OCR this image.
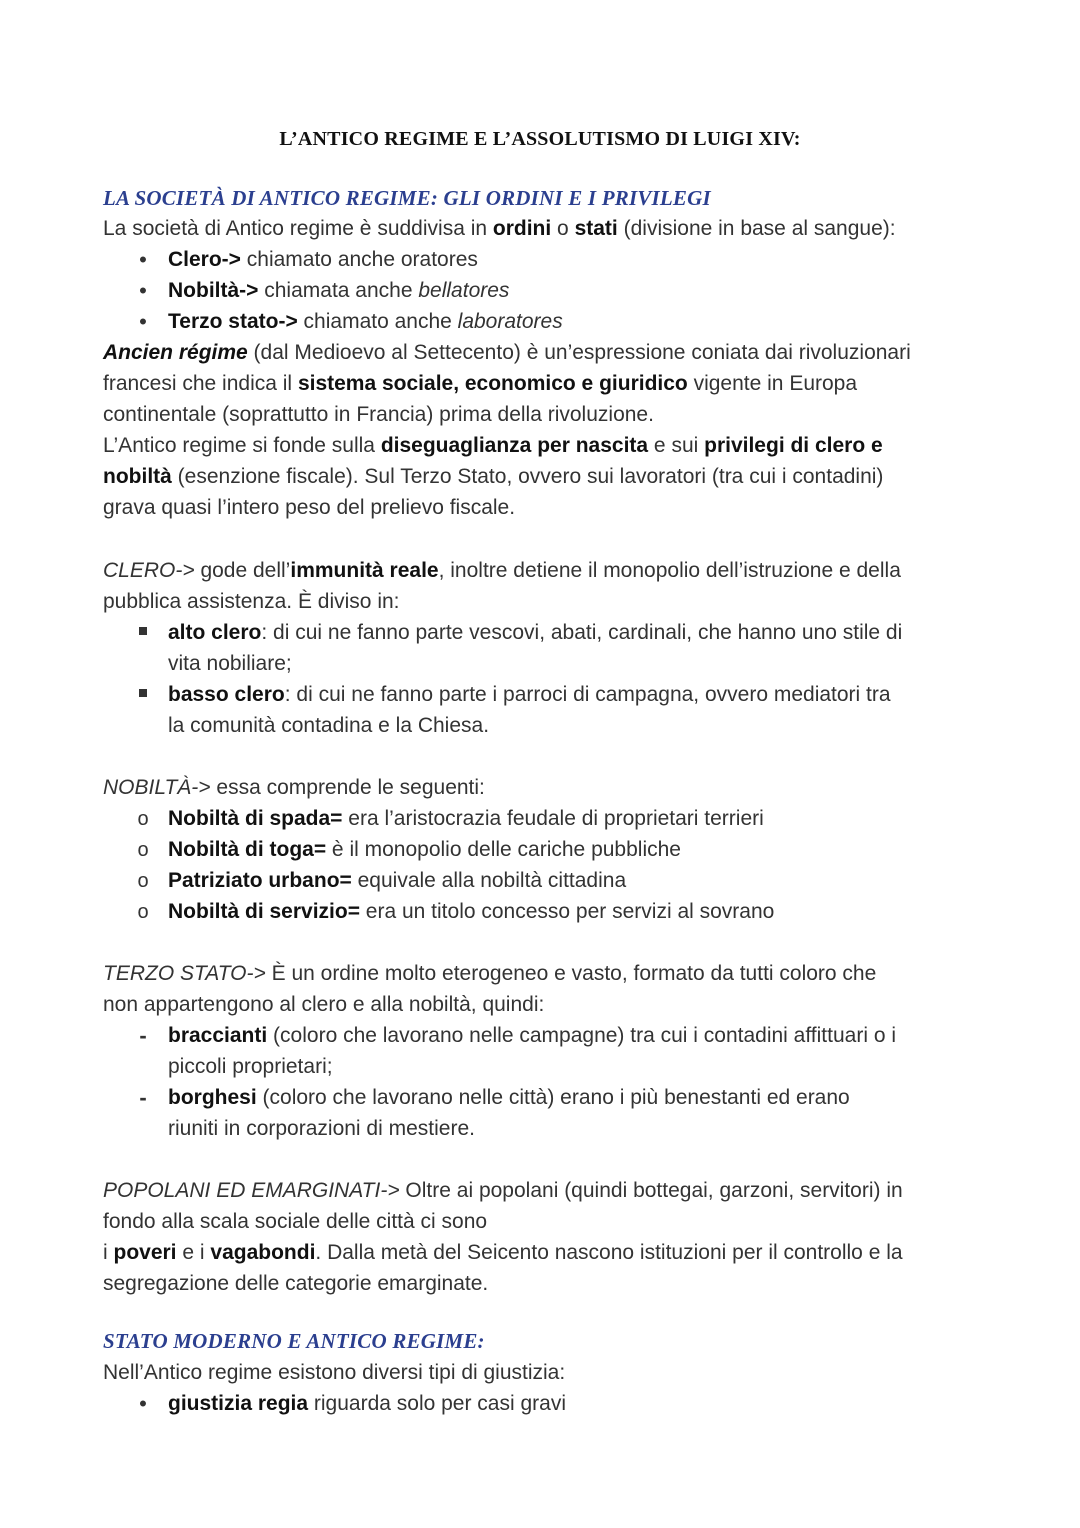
L’ANTICO REGIME E L’ASSOLUTISMO DI LUIGI XIV:
LA SOCIETÀ DI ANTICO REGIME: GLI ORDINI E I PRIVILEGI
La società di Antico regime è suddivisa in ordini o stati (divisione in base al sangue):
•
Clero-> chiamato anche oratores
•
Nobiltà-> chiamata anche bellatores
•
Terzo stato-> chiamato anche laboratores
Ancien régime (dal Medioevo al Settecento) è un’espressione coniata dai rivoluzionari
francesi che indica il sistema sociale, economico e giuridico vigente in Europa
continentale (soprattutto in Francia) prima della rivoluzione.
L’Antico regime si fonde sulla diseguaglianza per nascita e sui privilegi di clero e
nobiltà (esenzione fiscale). Sul Terzo Stato, ovvero sui lavoratori (tra cui i contadini)
grava quasi l’intero peso del prelievo fiscale.
CLERO-> gode dell’immunità reale, inoltre detiene il monopolio dell’istruzione e della
pubblica assistenza. È diviso in:
alto clero: di cui ne fanno parte vescovi, abati, cardinali, che hanno uno stile di
vita nobiliare;
basso clero: di cui ne fanno parte i parroci di campagna, ovvero mediatori tra
la comunità contadina e la Chiesa.
NOBILTÀ-> essa comprende le seguenti:
o
Nobiltà di spada= era l’aristocrazia feudale di proprietari terrieri
o
Nobiltà di toga= è il monopolio delle cariche pubbliche
o
Patriziato urbano= equivale alla nobiltà cittadina
o
Nobiltà di servizio= era un titolo concesso per servizi al sovrano
TERZO STATO-> È un ordine molto eterogeneo e vasto, formato da tutti coloro che
non appartengono al clero e alla nobiltà, quindi:
-
braccianti (coloro che lavorano nelle campagne) tra cui i contadini affittuari o i
piccoli proprietari;
-
borghesi (coloro che lavorano nelle città) erano i più benestanti ed erano
riuniti in corporazioni di mestiere.
POPOLANI ED EMARGINATI-> Oltre ai popolani (quindi bottegai, garzoni, servitori) in
fondo alla scala sociale delle città ci sono
i poveri e i vagabondi. Dalla metà del Seicento nascono istituzioni per il controllo e la
segregazione delle categorie emarginate.
STATO MODERNO E ANTICO REGIME:
Nell’Antico regime esistono diversi tipi di giustizia:
•
giustizia regia riguarda solo per casi gravi
